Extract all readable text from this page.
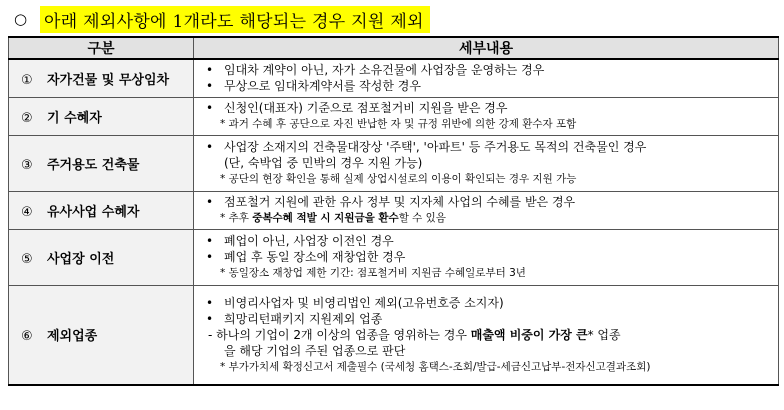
○ 아래 제외사항에 1개라도 해당되는 경우 지원 제외
구분	세부내용
① 자가건물 및 무상임차	• 임대차 계약이 아닌, 자가 소유건물에 사업장을 운영하는 경우
• 무상으로 임대차계약서를 작성한 경우

② 기 수혜자	• 신청인(대표자) 기준으로 점포철거비 지원을 받은 경우
* 과거 수혜 후 공단으로 자진 반납한 자 및 규정 위반에 의한 강제 환수자 포함

③ 주거용도 건축물	• 사업장 소재지의 건축물대장상 '주택', '아파트' 등 주거용도 목적의 건축물인 경우
(단, 숙박업 중 민박의 경우 지원 가능)
* 공단의 현장 확인을 통해 실제 상업시설로의 이용이 확인되는 경우 지원 가능

④ 유사사업 수혜자	• 점포철거 지원에 관한 유사 정부 및 지자체 사업의 수혜를 받은 경우
* 추후 중복수혜 적발 시 지원금을 환수할 수 있음

⑤ 사업장 이전	• 폐업이 아닌, 사업장 이전인 경우
• 폐업 후 동일 장소에 재창업한 경우
* 동일장소 재창업 제한 기간: 점포철거비 지원금 수혜일로부터 3년

⑥ 제외업종	• 비영리사업자 및 비영리법인 제외(고유번호증 소지자)
• 희망리턴패키지 지원제외 업종
- 하나의 기업이 2개 이상의 업종을 영위하는 경우 매출액 비중이 가장 큰* 업종
을 해당 기업의 주된 업종으로 판단
* 부가가치세 확정신고서 제출필수 (국세청 홈택스-조회/발급-세금신고납부-전자신고결과조회)
